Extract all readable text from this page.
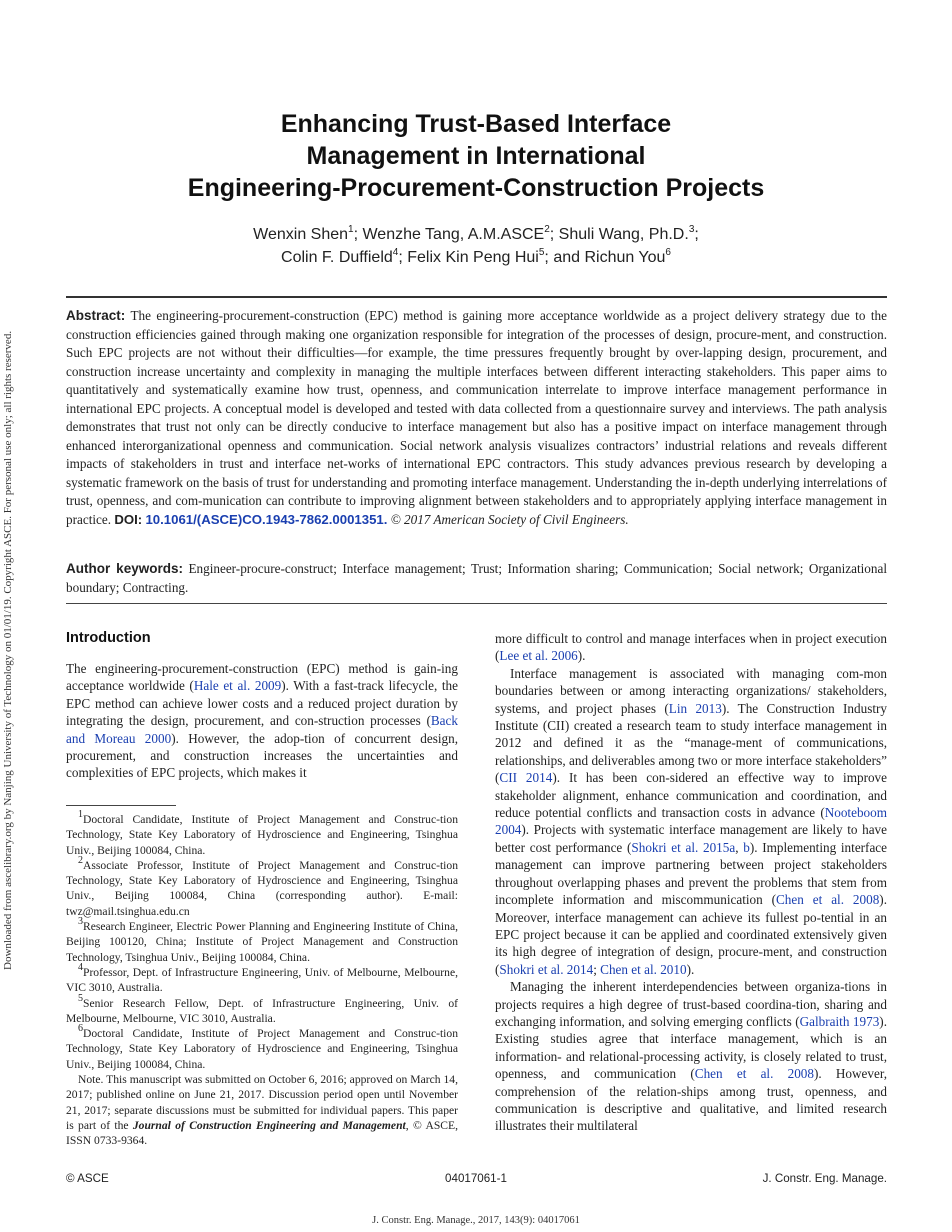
Downloaded from ascelibrary.org by Nanjing University of Technology on 01/01/19. Copyright ASCE. For personal use only; all rights reserved.
Enhancing Trust-Based Interface
Management in International
Engineering-Procurement-Construction Projects
Wenxin Shen$^1$; Wenzhe Tang, A.M.ASCE$^2$; Shuli Wang, Ph.D.$^3$;
Colin F. Duffield$^4$; Felix Kin Peng Hui$^5$; and Richun You$^6$
Abstract: The engineering-procurement-construction (EPC) method is gaining more acceptance worldwide as a project delivery strategy due to the construction efficiencies gained through making one organization responsible for integration of the processes of design, procure-ment, and construction. Such EPC projects are not without their difficulties—for example, the time pressures frequently brought by over-lapping design, procurement, and construction increase uncertainty and complexity in managing the multiple interfaces between different interacting stakeholders. This paper aims to quantitatively and systematically examine how trust, openness, and communication interrelate to improve interface management performance in international EPC projects. A conceptual model is developed and tested with data collected from a questionnaire survey and interviews. The path analysis demonstrates that trust not only can be directly conducive to interface management but also has a positive impact on interface management through enhanced interorganizational openness and communication. Social network analysis visualizes contractors’ industrial relations and reveals different impacts of stakeholders in trust and interface net-works of international EPC contractors. This study advances previous research by developing a systematic framework on the basis of trust for understanding and promoting interface management. Understanding the in-depth underlying interrelations of trust, openness, and com-munication can contribute to improving alignment between stakeholders and to appropriately applying interface management in practice. DOI: 10.1061/(ASCE)CO.1943-7862.0001351. © 2017 American Society of Civil Engineers.
Author keywords: Engineer-procure-construct; Interface management; Trust; Information sharing; Communication; Social network; Organizational boundary; Contracting.
Introduction

The engineering-procurement-construction (EPC) method is gain-ing acceptance worldwide (Hale et al. 2009). With a fast-track lifecycle, the EPC method can achieve lower costs and a reduced project duration by integrating the design, procurement, and con-struction processes (Back and Moreau 2000). However, the adop-tion of concurrent design, procurement, and construction increases the uncertainties and complexities of EPC projects, which makes it

$^1$Doctoral Candidate, Institute of Project Management and Construc-tion Technology, State Key Laboratory of Hydroscience and Engineering, Tsinghua Univ., Beijing 100084, China.

$^2$Associate Professor, Institute of Project Management and Construc-tion Technology, State Key Laboratory of Hydroscience and Engineering, Tsinghua Univ., Beijing 100084, China (corresponding author). E-mail: twz@mail.tsinghua.edu.cn

$^3$Research Engineer, Electric Power Planning and Engineering Institute of China, Beijing 100120, China; Institute of Project Management and Construction Technology, Tsinghua Univ., Beijing 100084, China.

$^4$Professor, Dept. of Infrastructure Engineering, Univ. of Melbourne, Melbourne, VIC 3010, Australia.

$^5$Senior Research Fellow, Dept. of Infrastructure Engineering, Univ. of Melbourne, Melbourne, VIC 3010, Australia.

$^6$Doctoral Candidate, Institute of Project Management and Construc-tion Technology, State Key Laboratory of Hydroscience and Engineering, Tsinghua Univ., Beijing 100084, China.

Note. This manuscript was submitted on October 6, 2016; approved on March 14, 2017; published online on June 21, 2017. Discussion period open until November 21, 2017; separate discussions must be submitted for individual papers. This paper is part of the Journal of Construction Engineering and Management, © ASCE, ISSN 0733-9364.

more difficult to control and manage interfaces when in project execution (Lee et al. 2006).

Interface management is associated with managing com-mon boundaries between or among interacting organizations/ stakeholders, systems, and project phases (Lin 2013). The Construction Industry Institute (CII) created a research team to study interface management in 2012 and defined it as the “manage-ment of communications, relationships, and deliverables among two or more interface stakeholders” (CII 2014). It has been con-sidered an effective way to improve stakeholder alignment, enhance communication and coordination, and reduce potential conflicts and transaction costs in advance (Nooteboom 2004). Projects with systematic interface management are likely to have better cost performance (Shokri et al. 2015a, b). Implementing interface management can improve partnering between project stakeholders throughout overlapping phases and prevent the problems that stem from incomplete information and miscommunication (Chen et al. 2008). Moreover, interface management can achieve its fullest po-tential in an EPC project because it can be applied and coordinated extensively given its high degree of integration of design, procure-ment, and construction (Shokri et al. 2014; Chen et al. 2010).

Managing the inherent interdependencies between organiza-tions in projects requires a high degree of trust-based coordina-tion, sharing and exchanging information, and solving emerging conflicts (Galbraith 1973). Existing studies agree that interface management, which is an information- and relational-processing activity, is closely related to trust, openness, and communication (Chen et al. 2008). However, comprehension of the relation-ships among trust, openness, and communication is descriptive and qualitative, and limited research illustrates their multilateral

© ASCE	04017061-1	J. Constr. Eng. Manage.
J. Constr. Eng. Manage., 2017, 143(9): 04017061
